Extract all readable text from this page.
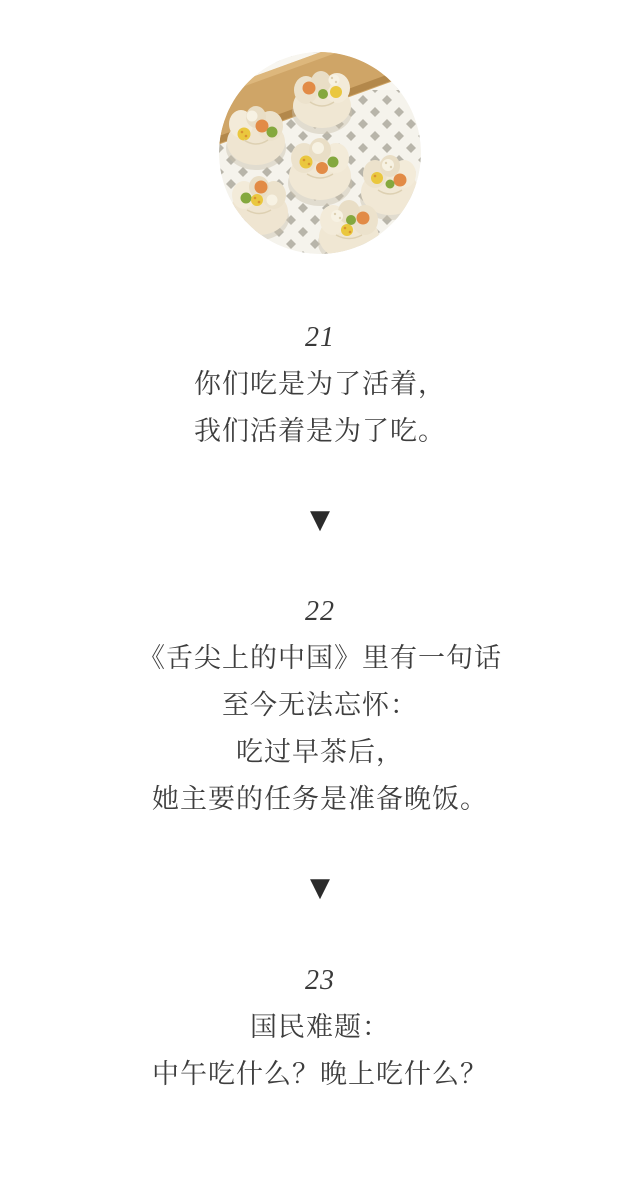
21
你们吃是为了活着，
我们活着是为了吃。
▼
22
《舌尖上的中国》里有一句话
至今无法忘怀：
吃过早茶后，
她主要的任务是准备晚饭。
▼
23
国民难题：
中午吃什么？晚上吃什么？
